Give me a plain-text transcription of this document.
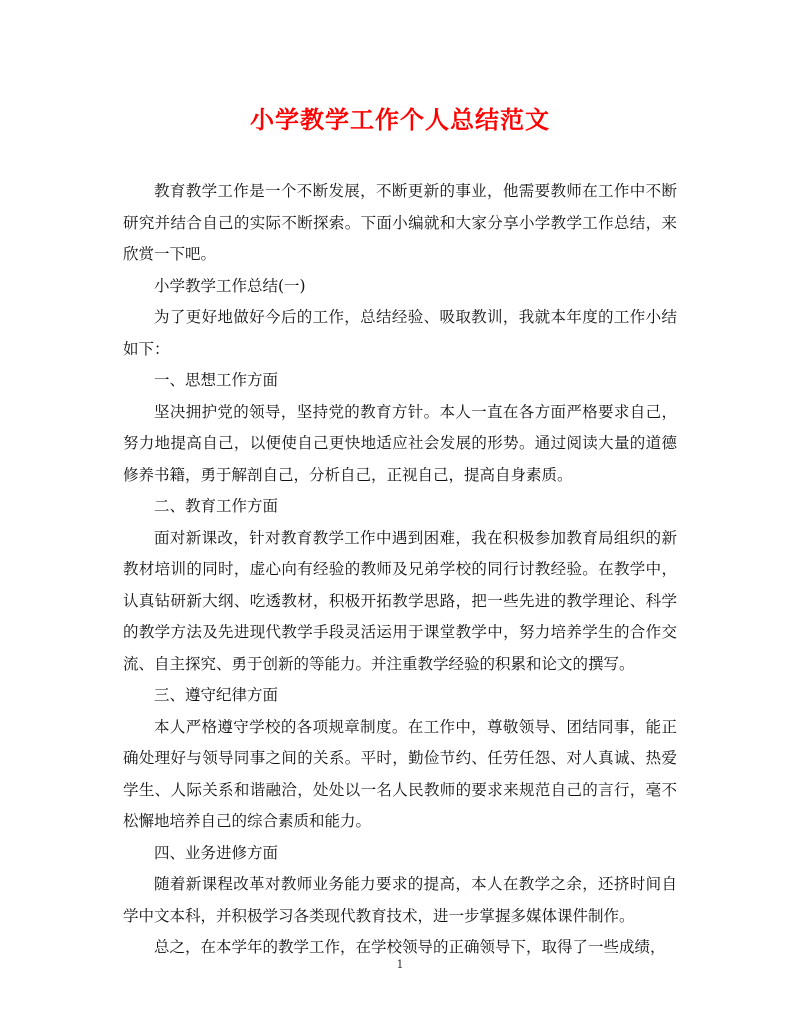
小学教学工作个人总结范文

教育教学工作是一个不断发展，不断更新的事业，他需要教师在工作中不断研究并结合自己的实际不断探索。下面小编就和大家分享小学教学工作总结，来欣赏一下吧。

小学教学工作总结(一)

为了更好地做好今后的工作，总结经验、吸取教训，我就本年度的工作小结如下：

一、思想工作方面

坚决拥护党的领导，坚持党的教育方针。本人一直在各方面严格要求自己，努力地提高自己，以便使自己更快地适应社会发展的形势。通过阅读大量的道德修养书籍，勇于解剖自己，分析自己，正视自己，提高自身素质。

二、教育工作方面

面对新课改，针对教育教学工作中遇到困难，我在积极参加教育局组织的新教材培训的同时，虚心向有经验的教师及兄弟学校的同行讨教经验。在教学中，认真钻研新大纲、吃透教材，积极开拓教学思路，把一些先进的教学理论、科学的教学方法及先进现代教学手段灵活运用于课堂教学中，努力培养学生的合作交流、自主探究、勇于创新的等能力。并注重教学经验的积累和论文的撰写。

三、遵守纪律方面

本人严格遵守学校的各项规章制度。在工作中，尊敬领导、团结同事，能正确处理好与领导同事之间的关系。平时，勤俭节约、任劳任怨、对人真诚、热爱学生、人际关系和谐融洽，处处以一名人民教师的要求来规范自己的言行，毫不松懈地培养自己的综合素质和能力。

四、业务进修方面

随着新课程改革对教师业务能力要求的提高，本人在教学之余，还挤时间自学中文本科，并积极学习各类现代教育技术，进一步掌握多媒体课件制作。

总之，在本学年的教学工作，在学校领导的正确领导下，取得了一些成绩，

1
